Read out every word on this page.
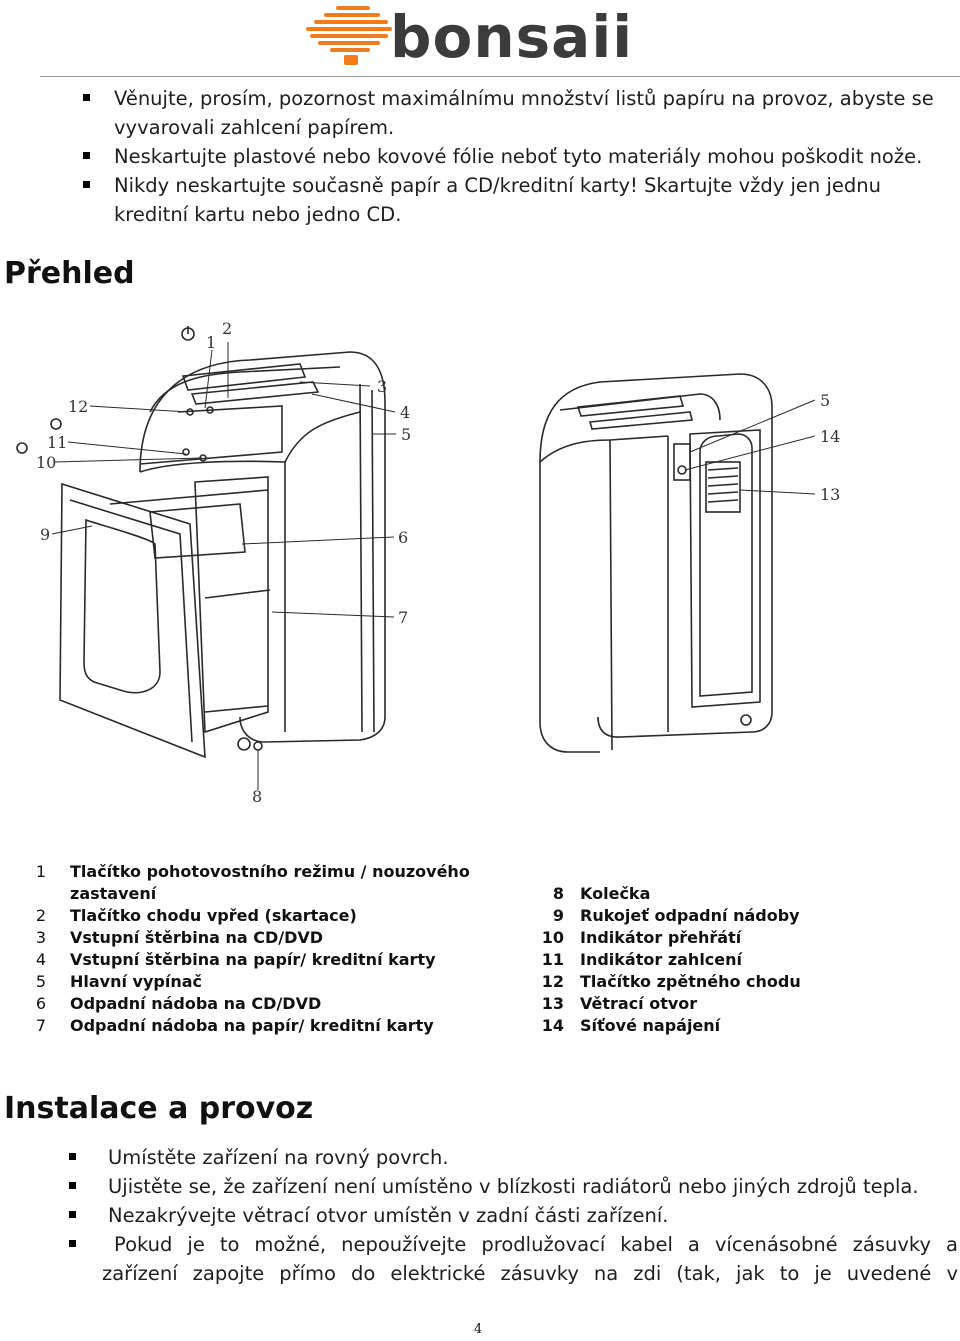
bonsaii
Věnujte, prosím, pozornost maximálnímu množství listů papíru na provoz, abyste se vyvarovali zahlcení papírem.
Neskartujte plastové nebo kovové fólie neboť tyto materiály mohou poškodit nože.
Nikdy neskartujte současně papír a CD/kreditní karty! Skartujte vždy jen jednu kreditní kartu nebo jedno CD.
Přehled
1
2
3
4
5
6
7
8
9
10
11
12	5
14
13
1 Tlačítko pohotovostního režimu / nouzového
zastavení
2 Tlačítko chodu vpřed (skartace)
3 Vstupní štěrbina na CD/DVD
4 Vstupní štěrbina na papír/ kreditní karty
5 Hlavní vypínač
6 Odpadní nádoba na CD/DVD
7 Odpadní nádoba na papír/ kreditní karty
8 Kolečka
9 Rukojeť odpadní nádoby
10 Indikátor přehřátí
11 Indikátor zahlcení
12 Tlačítko zpětného chodu
13 Větrací otvor
14 Síťové napájení
Instalace a provoz
Umístěte zařízení na rovný povrch.
Ujistěte se, že zařízení není umístěno v blízkosti radiátorů nebo jiných zdrojů tepla.
Nezakrývejte větrací otvor umístěn v zadní části zařízení.
Pokud je to možné, nepoužívejte prodlužovací kabel a vícenásobné zásuvky a
zařízení zapojte přímo do elektrické zásuvky na zdi (tak, jak to je uvedené v
4
